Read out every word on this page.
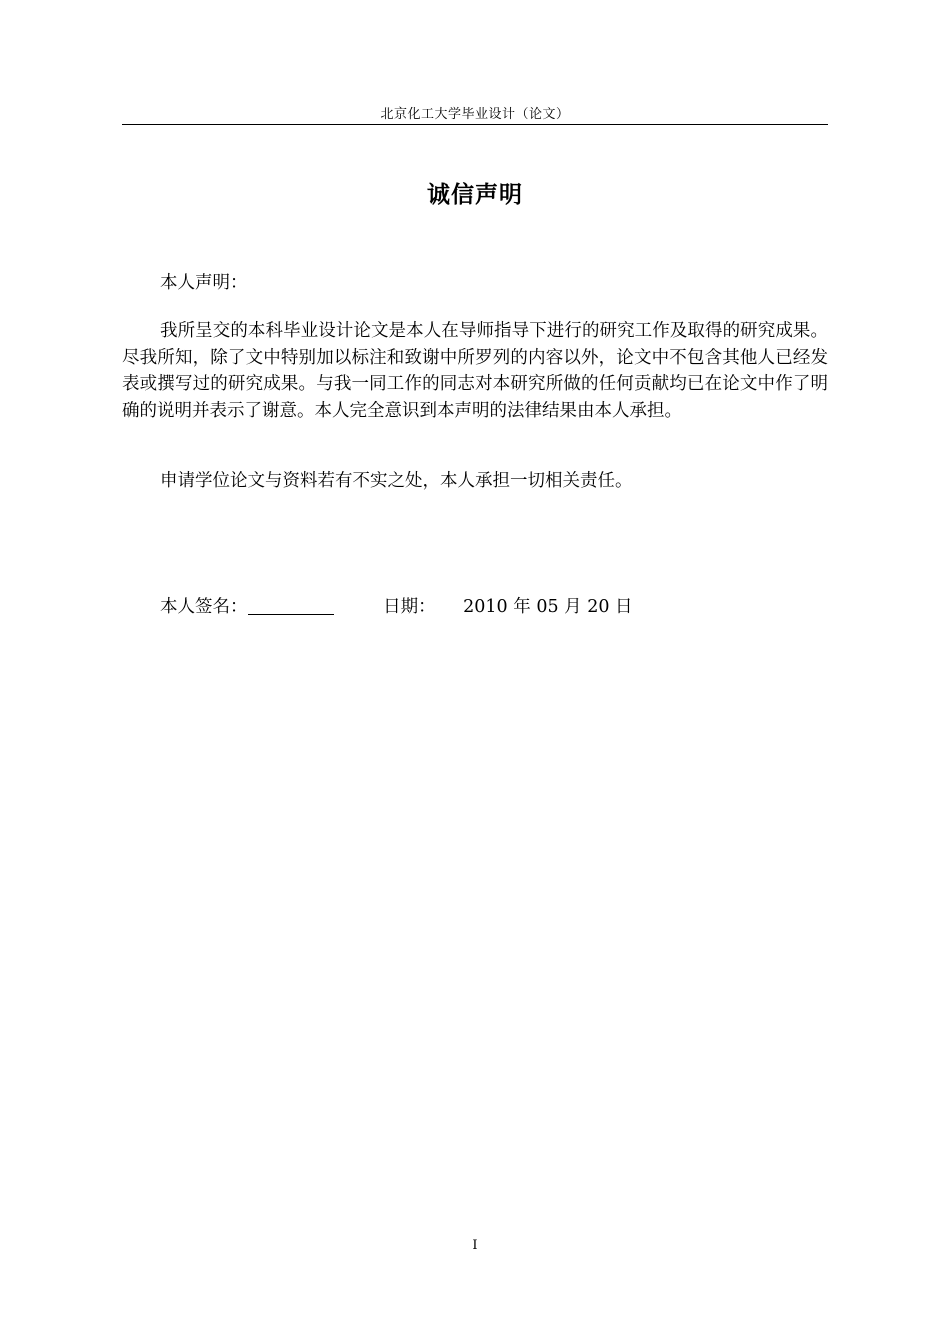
北京化工大学毕业设计（论文）
诚信声明

本人声明：

我所呈交的本科毕业设计论文是本人在导师指导下进行的研究工作及取得的研究成果。尽我所知，除了文中特别加以标注和致谢中所罗列的内容以外，论文中不包含其他人已经发表或撰写过的研究成果。与我一同工作的同志对本研究所做的任何贡献均已在论文中作了明确的说明并表示了谢意。本人完全意识到本声明的法律结果由本人承担。

申请学位论文与资料若有不实之处，本人承担一切相关责任。

本人签名：	日期： 2010 年 05 月 20 日
I
